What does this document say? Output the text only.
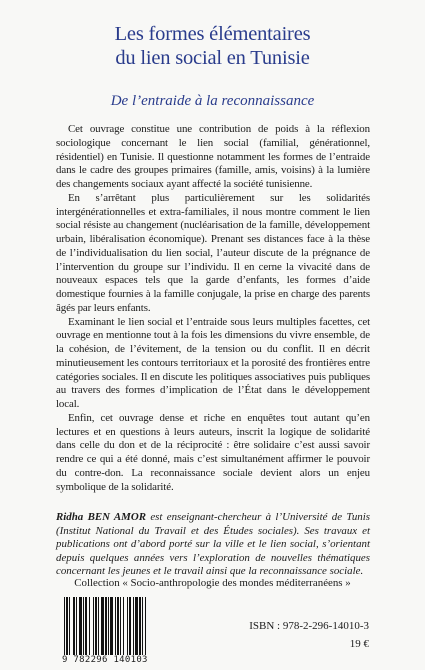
Les formes élémentaires
du lien social en Tunisie
De l’entraide à la reconnaissance

Cet ouvrage constitue une contribution de poids à la réflexion sociologique concernant le lien social (familial, générationnel, résidentiel) en Tunisie. Il questionne notamment les formes de l’entraide dans le cadre des groupes primaires (famille, amis, voisins) à la lumière des changements sociaux ayant affecté la société tunisienne.

En s’arrêtant plus particulièrement sur les solidarités intergénérationnelles et extra-familiales, il nous montre comment le lien social résiste au changement (nucléarisation de la famille, développement urbain, libéralisation économique). Prenant ses distances face à la thèse de l’individualisation du lien social, l’auteur discute de la prégnance de l’intervention du groupe sur l’individu. Il en cerne la vivacité dans de nouveaux espaces tels que la garde d’enfants, les formes d’aide domestique fournies à la famille conjugale, la prise en charge des parents âgés par leurs enfants.

Examinant le lien social et l’entraide sous leurs multiples facettes, cet ouvrage en mentionne tout à la fois les dimensions du vivre ensemble, de la cohésion, de l’évitement, de la tension ou du conflit. Il en décrit minutieusement les contours territoriaux et la porosité des frontières entre catégories sociales. Il en discute les politiques associatives puis publiques au travers des formes d’implication de l’État dans le développement local.

Enfin, cet ouvrage dense et riche en enquêtes tout autant qu’en lectures et en questions à leurs auteurs, inscrit la logique de solidarité dans celle du don et de la réciprocité : être solidaire c’est aussi savoir rendre ce qui a été donné, mais c’est simultanément affirmer le pouvoir du contre-don. La reconnaissance sociale devient alors un enjeu symbolique de la solidarité.

Ridha BEN AMOR est enseignant-chercheur à l’Université de Tunis (Institut National du Travail et des Études sociales). Ses travaux et publications ont d’abord porté sur la ville et le lien social, s’orientant depuis quelques années vers l’exploration de nouvelles thématiques concernant les jeunes et le travail ainsi que la reconnaissance sociale.
Collection « Socio-anthropologie des mondes méditerranéens »
9 782296 140103
ISBN : 978-2-296-14010-3
19 €
